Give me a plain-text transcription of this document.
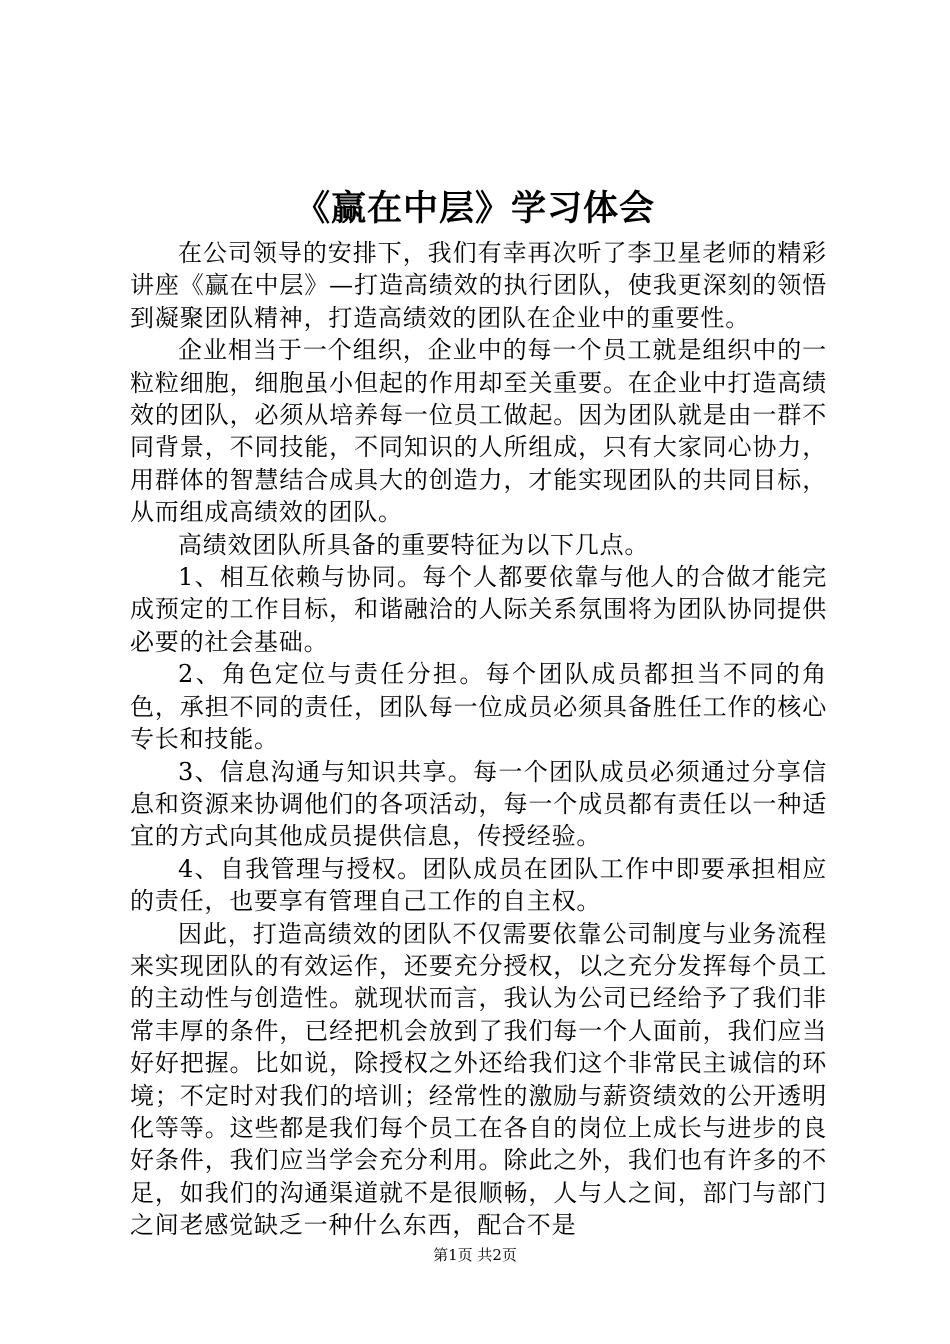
《赢在中层》学习体会

在公司领导的安排下，我们有幸再次听了李卫星老师的精彩讲座《赢在中层》—打造高绩效的执行团队，使我更深刻的领悟到凝聚团队精神，打造高绩效的团队在企业中的重要性。

企业相当于一个组织，企业中的每一个员工就是组织中的一粒粒细胞，细胞虽小但起的作用却至关重要。在企业中打造高绩效的团队，必须从培养每一位员工做起。因为团队就是由一群不同背景，不同技能，不同知识的人所组成，只有大家同心协力，用群体的智慧结合成具大的创造力，才能实现团队的共同目标，从而组成高绩效的团队。

高绩效团队所具备的重要特征为以下几点。

1、相互依赖与协同。每个人都要依靠与他人的合做才能完成预定的工作目标，和谐融洽的人际关系氛围将为团队协同提供必要的社会基础。

2、角色定位与责任分担。每个团队成员都担当不同的角色，承担不同的责任，团队每一位成员必须具备胜任工作的核心专长和技能。

3、信息沟通与知识共享。每一个团队成员必须通过分享信息和资源来协调他们的各项活动，每一个成员都有责任以一种适宜的方式向其他成员提供信息，传授经验。

4、自我管理与授权。团队成员在团队工作中即要承担相应的责任，也要享有管理自己工作的自主权。

因此，打造高绩效的团队不仅需要依靠公司制度与业务流程来实现团队的有效运作，还要充分授权，以之充分发挥每个员工的主动性与创造性。就现状而言，我认为公司已经给予了我们非常丰厚的条件，已经把机会放到了我们每一个人面前，我们应当好好把握。比如说，除授权之外还给我们这个非常民主诚信的环境；不定时对我们的培训；经常性的激励与薪资绩效的公开透明化等等。这些都是我们每个员工在各自的岗位上成长与进步的良好条件，我们应当学会充分利用。除此之外，我们也有许多的不足，如我们的沟通渠道就不是很顺畅，人与人之间，部门与部门之间老感觉缺乏一种什么东西，配合不是

第1页 共2页
